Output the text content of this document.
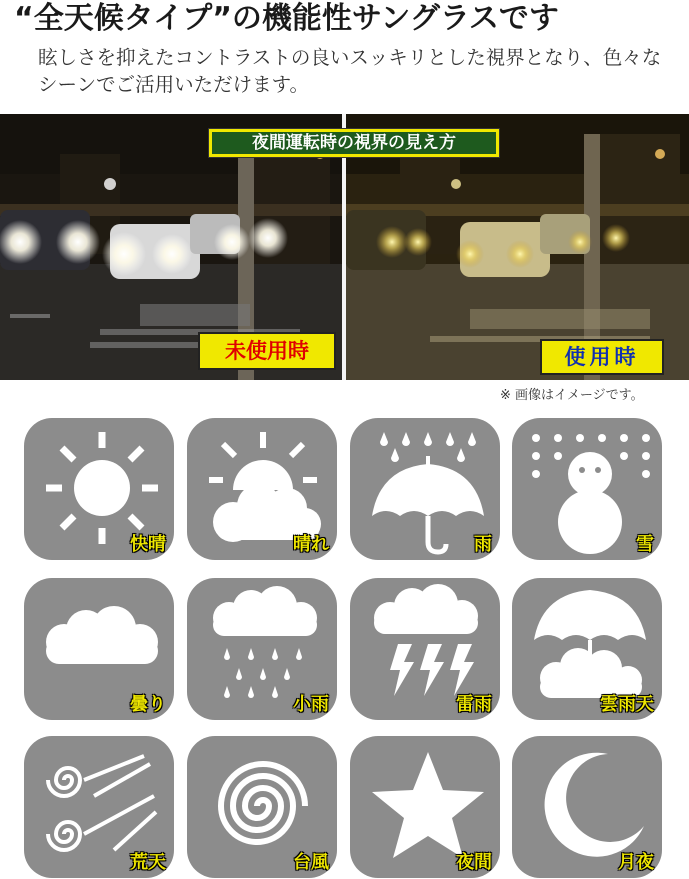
“全天候タイプ”の機能性サングラスです
眩しさを抑えたコントラストの良いスッキリとした視界となり、色々なシーンでご活用いただけます。
夜間運転時の視界の見え方
未使用時	使用時
※ 画像はイメージです。
快晴	晴れ	雨	雪
曇り	小雨	雷雨	雲雨天
荒天	台風	夜間	月夜
